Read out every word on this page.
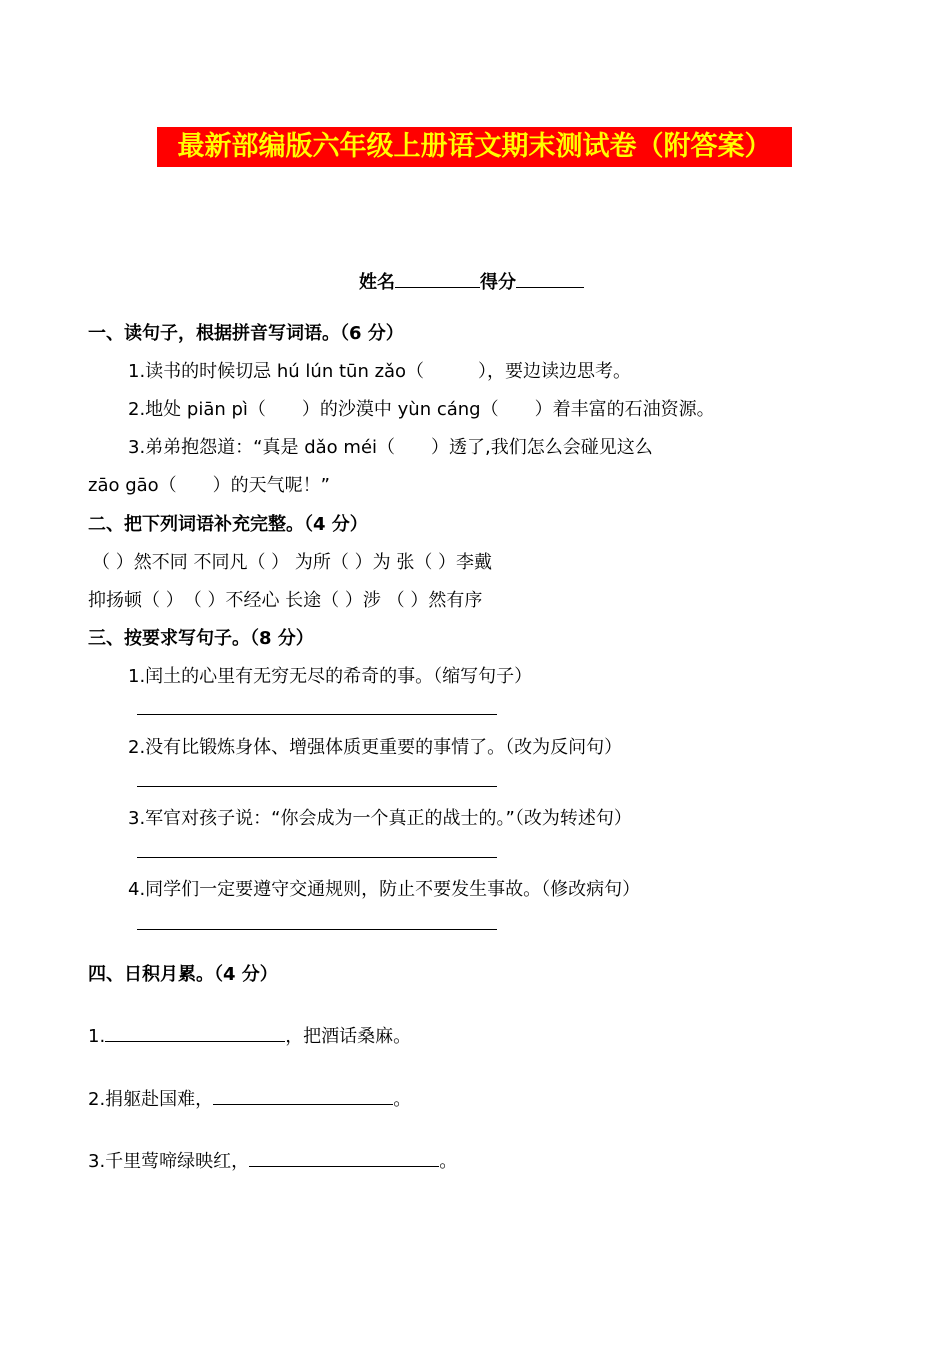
最新部编版六年级上册语文期末测试卷（附答案）
姓名	得分
一、读句子，根据拼音写词语。（6 分）
1.读书的时候切忌 hú lún tūn zǎo（　　　），要边读边思考。
2.地处 piān pì（　　）的沙漠中 yùn cáng（　　）着丰富的石油资源。
3.弟弟抱怨道：“真是 dǎo méi（　　）透了,我们怎么会碰见这么
zāo gāo（　　）的天气呢！”
二、把下列词语补充完整。（4 分）
（ ）然不同 不同凡（ ） 为所（ ）为 张（ ）李戴
抑扬顿（ ）　（ ）不经心 长途（ ）涉 （ ）然有序
三、按要求写句子。（8 分）
1.闰土的心里有无穷无尽的希奇的事。（缩写句子）
2.没有比锻炼身体、增强体质更重要的事情了。（改为反问句）
3.军官对孩子说：“你会成为一个真正的战士的。”（改为转述句）
4.同学们一定要遵守交通规则，防止不要发生事故。（修改病句）
四、日积月累。（4 分）
1.	，把酒话桑麻。
2.捐躯赴国难，	。
3.千里莺啼绿映红，	。
